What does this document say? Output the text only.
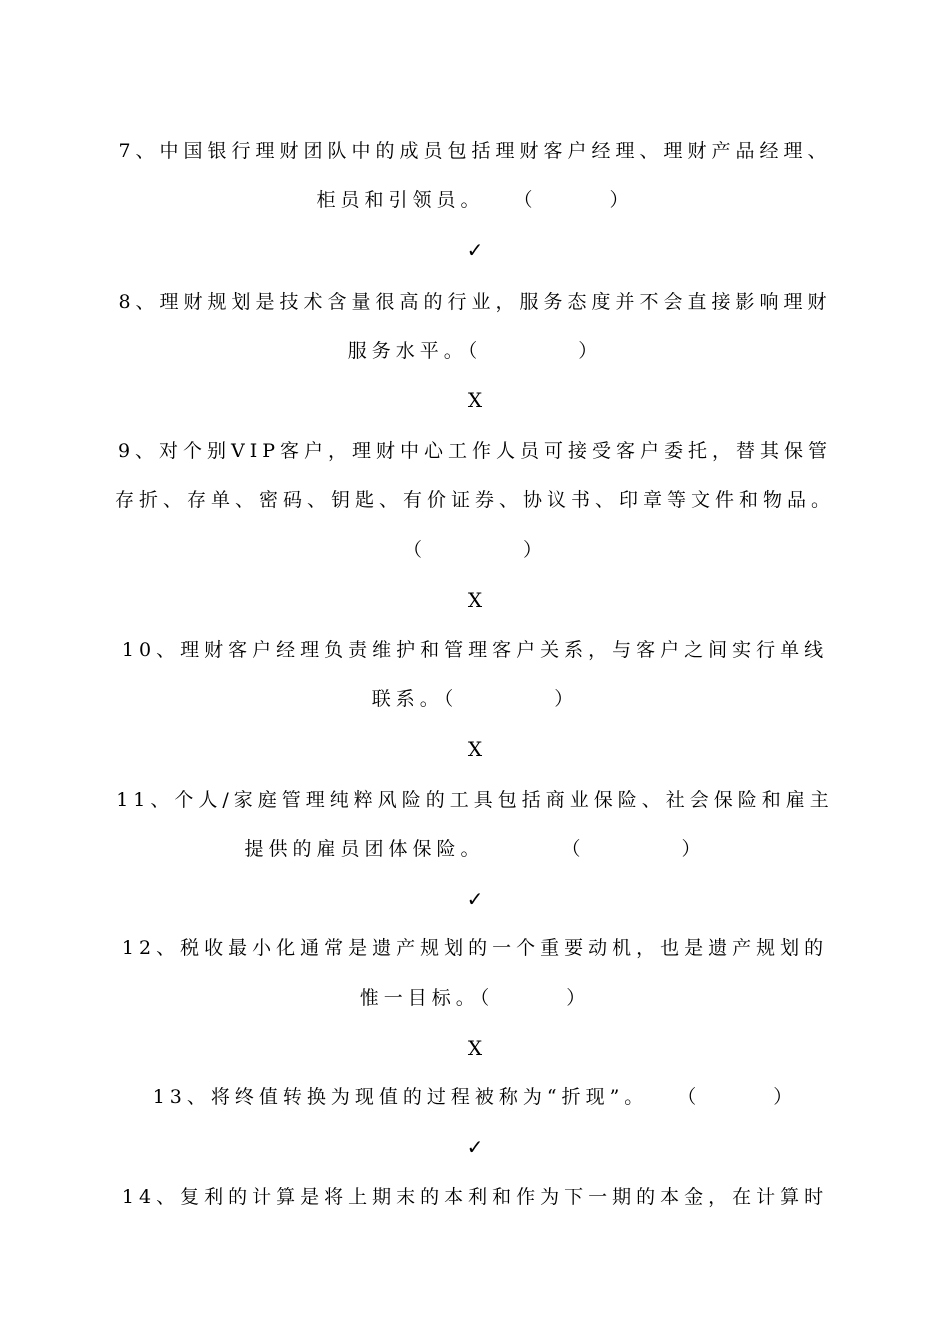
7、中国银行理财团队中的成员包括理财客户经理、理财产品经理、
柜员和引领员。　　（　　　）
✓
8、理财规划是技术含量很高的行业，服务态度并不会直接影响理财
服务水平。（　　　　）
X
9、对个别VIP客户，理财中心工作人员可接受客户委托，替其保管
存折、存单、密码、钥匙、有价证券、协议书、印章等文件和物品。
（　　　　）
X
10、理财客户经理负责维护和管理客户关系，与客户之间实行单线
联系。（　　　　）
X
11、个人/家庭管理纯粹风险的工具包括商业保险、社会保险和雇主
提供的雇员团体保险。　　　　（　　　　）
✓
12、税收最小化通常是遗产规划的一个重要动机，也是遗产规划的
惟一目标。（　　　）
X
13、将终值转换为现值的过程被称为“折现”。　　（　　　）
✓
14、复利的计算是将上期末的本利和作为下一期的本金，在计算时
